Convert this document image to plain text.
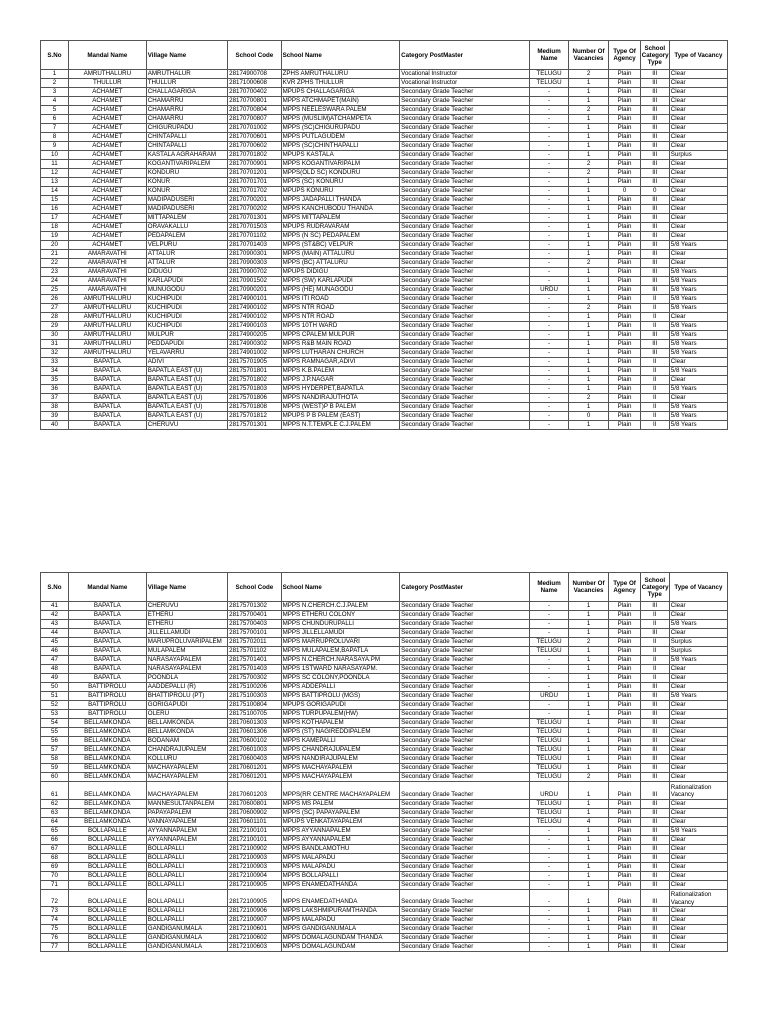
S.No	Mandal Name	Village Name	School Code	School Name	Category PostMaster	Medium Name	Number Of Vacancies	Type Of Agency	School Category Type	Type of Vacancy
1	AMRUTHALURU	AMRUTHALUR	28174900708	ZPHS AMRUTHALURU	Vocational Instructor	TELUGU	2	Plain	III	Clear
2	THULLUR	THULLUR	28171000608	KVR ZPHS THULLUR	Vocational Instructor	TELUGU	1	Plain	III	Clear
3	ACHAMET	CHALLAGARIGA	28170700402	MPUPS CHALLAGARIGA	Secondary Grade Teacher	-	1	Plain	III	Clear
4	ACHAMET	CHAMARRU	28170700801	MPPS ATCHMAPET(MAIN)	Secondary Grade Teacher	-	1	Plain	III	Clear
5	ACHAMET	CHAMARRU	28170700804	MPPS NEELESWARA PALEM	Secondary Grade Teacher	-	2	Plain	III	Clear
6	ACHAMET	CHAMARRU	28170700807	MPPS (MUSLIM)ATCHAMPETA	Secondary Grade Teacher	-	1	Plain	III	Clear
7	ACHAMET	CHIGURUPADU	28170701002	MPPS (SC)CHIGURUPADU	Secondary Grade Teacher	-	1	Plain	III	Clear
8	ACHAMET	CHINTAPALLI	28170700601	MPPS PUTLAGUDEM	Secondary Grade Teacher	-	1	Plain	III	Clear
9	ACHAMET	CHINTAPALLI	28170700602	MPPS (SC)CHINTHAPALLI	Secondary Grade Teacher	-	1	Plain	III	Clear
10	ACHAMET	KASTALA AGRAHARAM	28170701802	MPUPS KASTALA	Secondary Grade Teacher	-	1	Plain	III	Surplus
11	ACHAMET	KOGANTIVARIPALEM	28170700901	MPPS KOGANTIVARIPALM	Secondary Grade Teacher	-	2	Plain	III	Clear
12	ACHAMET	KONDURU	28170701201	MPPS(OLD SC) KONDURU	Secondary Grade Teacher	-	2	Plain	III	Clear
13	ACHAMET	KONUR	28170701701	MPPS (SC) KONURU	Secondary Grade Teacher	-	1	Plain	III	Clear
14	ACHAMET	KONUR	28170701702	MPUPS KONURU	Secondary Grade Teacher	-	1	0	0	Clear
15	ACHAMET	MADIPADUSERI	28170700201	MPPS JADAPALLI THANDA	Secondary Grade Teacher	-	1	Plain	III	Clear
16	ACHAMET	MADIPADUSERI	28170700202	MPPS KANCHUBODU THANDA	Secondary Grade Teacher	-	1	Plain	III	Clear
17	ACHAMET	MITTAPALEM	28170701301	MPPS MITTAPALEM	Secondary Grade Teacher	-	1	Plain	III	Clear
18	ACHAMET	ORAVAKALLU	28170701503	MPUPS RUDRAVARAM	Secondary Grade Teacher	-	1	Plain	III	Clear
19	ACHAMET	PEDAPALEM	28170701102	MPPS (N SC) PEDAPALEM	Secondary Grade Teacher	-	1	Plain	III	Clear
20	ACHAMET	VELPURU	28170701403	MPPS (ST&BC) VELPUR	Secondary Grade Teacher	-	1	Plain	III	5/8 Years
21	AMARAVATHI	ATTALUR	28170900301	MPPS (MAIN) ATTALURU	Secondary Grade Teacher	-	1	Plain	III	Clear
22	AMARAVATHI	ATTALUR	28170900303	MPPS (BC) ATTALURU	Secondary Grade Teacher	-	2	Plain	III	Clear
23	AMARAVATHI	DIDUGU	28170900702	MPUPS DIDIGU	Secondary Grade Teacher	-	1	Plain	III	5/8 Years
24	AMARAVATHI	KARLAPUDI	28170901502	MPPS (SW) KARLAPUDI	Secondary Grade Teacher	-	1	Plain	III	5/8 Years
25	AMARAVATHI	MUNUGODU	28170900201	MPPS (HE) MUNAGODU	Secondary Grade Teacher	URDU	1	Plain	III	5/8 Years
26	AMRUTHALURU	KUCHIPUDI	28174900101	MPPS ITI ROAD	Secondary Grade Teacher	-	1	Plain	II	5/8 Years
27	AMRUTHALURU	KUCHIPUDI	28174900102	MPPS NTR ROAD	Secondary Grade Teacher	-	2	Plain	II	5/8 Years
28	AMRUTHALURU	KUCHIPUDI	28174900102	MPPS NTR ROAD	Secondary Grade Teacher	-	1	Plain	II	Clear
29	AMRUTHALURU	KUCHIPUDI	28174900103	MPPS 10TH WARD	Secondary Grade Teacher	-	1	Plain	II	5/8 Years
30	AMRUTHALURU	MULPUR	28174900205	MPPS CPALEM MULPUR	Secondary Grade Teacher	-	1	Plain	III	5/8 Years
31	AMRUTHALURU	PEDDAPUDI	28174900302	MPPS R&B MAIN ROAD	Secondary Grade Teacher	-	1	Plain	III	5/8 Years
32	AMRUTHALURU	YELAVARRU	28174901002	MPPS LUTHARAN CHURCH	Secondary Grade Teacher	-	1	Plain	III	5/8 Years
33	BAPATLA	ADIVI	28175701905	MPPS RAMNAGAR,ADIVI	Secondary Grade Teacher	-	1	Plain	II	Clear
34	BAPATLA	BAPATLA EAST (U)	28175701801	MPPS K.B.PALEM	Secondary Grade Teacher	-	1	Plain	II	5/8 Years
35	BAPATLA	BAPATLA EAST (U)	28175701802	MPPS J.P.NAGAR	Secondary Grade Teacher	-	1	Plain	II	Clear
36	BAPATLA	BAPATLA EAST (U)	28175701803	MPPS HYDERPET,BAPATLA	Secondary Grade Teacher	-	1	Plain	II	5/8 Years
37	BAPATLA	BAPATLA EAST (U)	28175701806	MPPS NANDIRAJUTHOTA	Secondary Grade Teacher	-	2	Plain	II	Clear
38	BAPATLA	BAPATLA EAST (U)	28175701808	MPPS (WEST)P B PALEM	Secondary Grade Teacher	-	1	Plain	II	5/8 Years
39	BAPATLA	BAPATLA EAST (U)	28175701812	MPUPS P B PALEM (EAST)	Secondary Grade Teacher	-	0	Plain	II	5/8 Years
40	BAPATLA	CHERUVU	28175701301	MPPS N.T.TEMPLE C.J.PALEM	Secondary Grade Teacher	-	1	Plain	II	5/8 Years
S.No	Mandal Name	Village Name	School Code	School Name	Category PostMaster	Medium Name	Number Of Vacancies	Type Of Agency	School Category Type	Type of Vacancy
41	BAPATLA	CHERUVU	28175701302	MPPS N.CHERCH.C.J.PALEM	Secondary Grade Teacher	-	1	Plain	III	Clear
42	BAPATLA	ETHERU	28175700401	MPPS ETHERU COLONY	Secondary Grade Teacher	-	1	Plain	II	Clear
43	BAPATLA	ETHERU	28175700403	MPPS CHUNDURUPALLI	Secondary Grade Teacher	-	1	Plain	II	5/8 Years
44	BAPATLA	JILLELLAMUDI	28175700101	MPPS JILLELLAMUDI	Secondary Grade Teacher	-	1	Plain	III	Clear
45	BAPATLA	MARUPROLUVARIPALEM	28175702011	MPPS MARRUPROLUVARI	Secondary Grade Teacher	TELUGU	2	Plain	II	Surplus
46	BAPATLA	MULAPALEM	28175701102	MPPS MULAPALEM,BAPATLA	Secondary Grade Teacher	TELUGU	1	Plain	II	Surplus
47	BAPATLA	NARASAYAPALEM	28175701401	MPPS N.CHERCH.NARASAYA.PM	Secondary Grade Teacher	-	1	Plain	II	5/8 Years
48	BAPATLA	NARASAYAPALEM	28175701403	MPPS 1STWARD NARASAYAPM.	Secondary Grade Teacher	-	1	Plain	II	Clear
49	BAPATLA	POONDLA	28175700302	MPPS SC COLONY,POONDLA	Secondary Grade Teacher	-	1	Plain	II	Clear
50	BATTIPROLU	AADDEPALLI (R)	28175100206	MPPS ADDEPALLI	Secondary Grade Teacher	-	1	Plain	III	Clear
51	BATTIPROLU	BHATTIPROLU (PT)	28175100303	MPPS BATTIPROLU (MGS)	Secondary Grade Teacher	URDU	1	Plain	III	5/8 Years
52	BATTIPROLU	GORIGAPUDI	28175100804	MPUPS GORIGAPUDI	Secondary Grade Teacher	-	1	Plain	III	Clear
53	BATTIPROLU	OLERU	28175100705	MPPS TURPUPALEM(HW)	Secondary Grade Teacher	-	1	Plain	III	Clear
54	BELLAMKONDA	BELLAMKONDA	28170601303	MPPS KOTHAPALEM	Secondary Grade Teacher	TELUGU	1	Plain	III	Clear
55	BELLAMKONDA	BELLAMKONDA	28170601306	MPPS (ST) NAGIREDDIPALEM	Secondary Grade Teacher	TELUGU	1	Plain	III	Clear
56	BELLAMKONDA	BODANAM	28170600102	MPPS KAMEPALLI	Secondary Grade Teacher	TELUGU	1	Plain	III	Clear
57	BELLAMKONDA	CHANDRAJUPALEM	28170601003	MPPS CHANDRAJUPALEM	Secondary Grade Teacher	TELUGU	1	Plain	III	Clear
58	BELLAMKONDA	KOLLURU	28170600403	MPPS NANDIRAJUPALEM	Secondary Grade Teacher	TELUGU	1	Plain	III	Clear
59	BELLAMKONDA	MACHAYAPALEM	28170601201	MPPS MACHAYAPALEM	Secondary Grade Teacher	TELUGU	1	Plain	III	Clear
60	BELLAMKONDA	MACHAYAPALEM	28170601201	MPPS MACHAYAPALEM	Secondary Grade Teacher	TELUGU	2	Plain	III	Clear
61	BELLAMKONDA	MACHAYAPALEM	28170601203	MPPS(RR CENTRE MACHAYAPALEM	Secondary Grade Teacher	URDU	1	Plain	III	Rationalization Vacancy
62	BELLAMKONDA	MANNESULTANPALEM	28170600801	MPPS MS PALEM	Secondary Grade Teacher	TELUGU	1	Plain	III	Clear
63	BELLAMKONDA	PAPAYAPALEM	28170600902	MPPS (SC) PAPAYAPALEM	Secondary Grade Teacher	TELUGU	1	Plain	III	Clear
64	BELLAMKONDA	VANNAYAPALEM	28170601101	MPUPS VENKATAYAPALEM	Secondary Grade Teacher	TELUGU	4	Plain	III	Clear
65	BOLLAPALLE	AYYANNAPALEM	28172100101	MPPS AYYANNAPALEM	Secondary Grade Teacher	-	1	Plain	III	5/8 Years
66	BOLLAPALLE	AYYANNAPALEM	28172100101	MPPS AYYANNAPALEM	Secondary Grade Teacher	-	1	Plain	III	Clear
67	BOLLAPALLE	BOLLAPALLI	28172100902	MPPS BANDLAMOTHU	Secondary Grade Teacher	-	1	Plain	III	Clear
68	BOLLAPALLE	BOLLAPALLI	28172100903	MPPS MALAPADU	Secondary Grade Teacher	-	1	Plain	III	Clear
69	BOLLAPALLE	BOLLAPALLI	28172100903	MPPS MALAPADU	Secondary Grade Teacher	-	1	Plain	III	Clear
70	BOLLAPALLE	BOLLAPALLI	28172100904	MPPS BOLLAPALLI	Secondary Grade Teacher	-	1	Plain	III	Clear
71	BOLLAPALLE	BOLLAPALLI	28172100905	MPPS ENAMEDATHANDA	Secondary Grade Teacher	-	1	Plain	III	Clear
72	BOLLAPALLE	BOLLAPALLI	28172100905	MPPS ENAMEDATHANDA	Secondary Grade Teacher	-	1	Plain	III	Rationalization Vacancy
73	BOLLAPALLE	BOLLAPALLI	28172100906	MPPS LAKSHMIPURAMTHANDA	Secondary Grade Teacher	-	1	Plain	III	Clear
74	BOLLAPALLE	BOLLAPALLI	28172100907	MPPS MALAPADU	Secondary Grade Teacher	-	1	Plain	III	Clear
75	BOLLAPALLE	GANDIGANUMALA	28172100601	MPPS GANDIGANUMALA	Secondary Grade Teacher	-	1	Plain	III	Clear
76	BOLLAPALLE	GANDIGANUMALA	28172100602	MPPS DOMALAGUNDAM THANDA	Secondary Grade Teacher	-	1	Plain	III	Clear
77	BOLLAPALLE	GANDIGANUMALA	28172100603	MPPS DOMALAGUNDAM	Secondary Grade Teacher	-	1	Plain	III	Clear
